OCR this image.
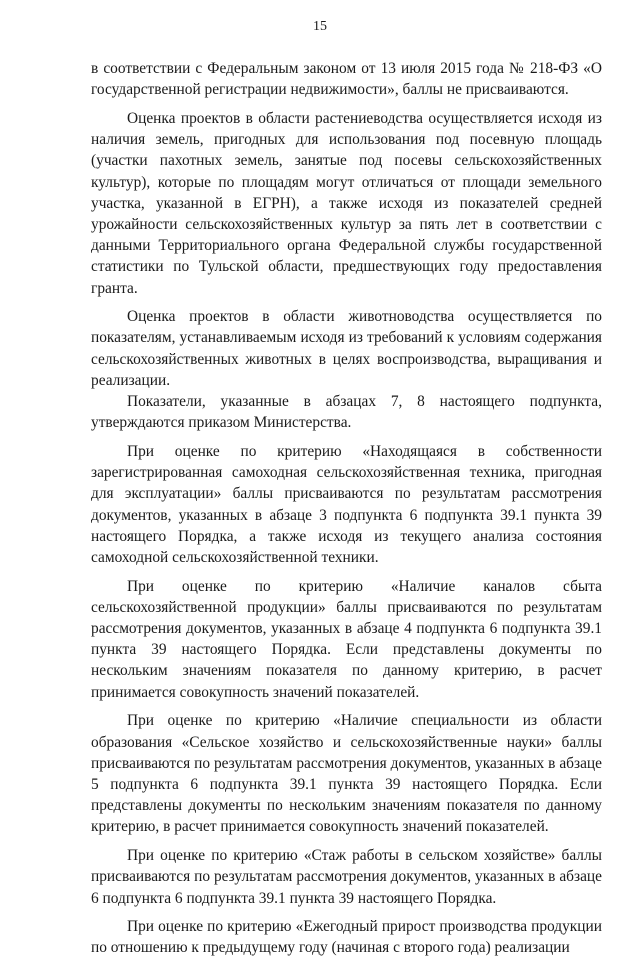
15

в соответствии с Федеральным законом от 13 июля 2015 года № 218-ФЗ «О государственной регистрации недвижимости», баллы не присваиваются.

Оценка проектов в области растениеводства осуществляется исходя из наличия земель, пригодных для использования под посевную площадь (участки пахотных земель, занятые под посевы сельскохозяйственных культур), которые по площадям могут отличаться от площади земельного участка, указанной в ЕГРН), а также исходя из показателей средней урожайности сельскохозяйственных культур за пять лет в соответствии с данными Территориального органа Федеральной службы государственной статистики по Тульской области, предшествующих году предоставления гранта.

Оценка проектов в области животноводства осуществляется по показателям, устанавливаемым исходя из требований к условиям содержания сельскохозяйственных животных в целях воспроизводства, выращивания и реализации.

Показатели, указанные в абзацах 7, 8 настоящего подпункта, утверждаются приказом Министерства.

При оценке по критерию «Находящаяся в собственности зарегистрированная самоходная сельскохозяйственная техника, пригодная для эксплуатации» баллы присваиваются по результатам рассмотрения документов, указанных в абзаце 3 подпункта 6 подпункта 39.1 пункта 39 настоящего Порядка, а также исходя из текущего анализа состояния самоходной сельскохозяйственной техники.

При оценке по критерию «Наличие каналов сбыта сельскохозяйственной продукции» баллы присваиваются по результатам рассмотрения документов, указанных в абзаце 4 подпункта 6 подпункта 39.1 пункта 39 настоящего Порядка. Если представлены документы по нескольким значениям показателя по данному критерию, в расчет принимается совокупность значений показателей.

При оценке по критерию «Наличие специальности из области образования «Сельское хозяйство и сельскохозяйственные науки» баллы присваиваются по результатам рассмотрения документов, указанных в абзаце 5 подпункта 6 подпункта 39.1 пункта 39 настоящего Порядка. Если представлены документы по нескольким значениям показателя по данному критерию, в расчет принимается совокупность значений показателей.

При оценке по критерию «Стаж работы в сельском хозяйстве» баллы присваиваются по результатам рассмотрения документов, указанных в абзаце 6 подпункта 6 подпункта 39.1 пункта 39 настоящего Порядка.

При оценке по критерию «Ежегодный прирост производства продукции по отношению к предыдущему году (начиная с второго года) реализации
